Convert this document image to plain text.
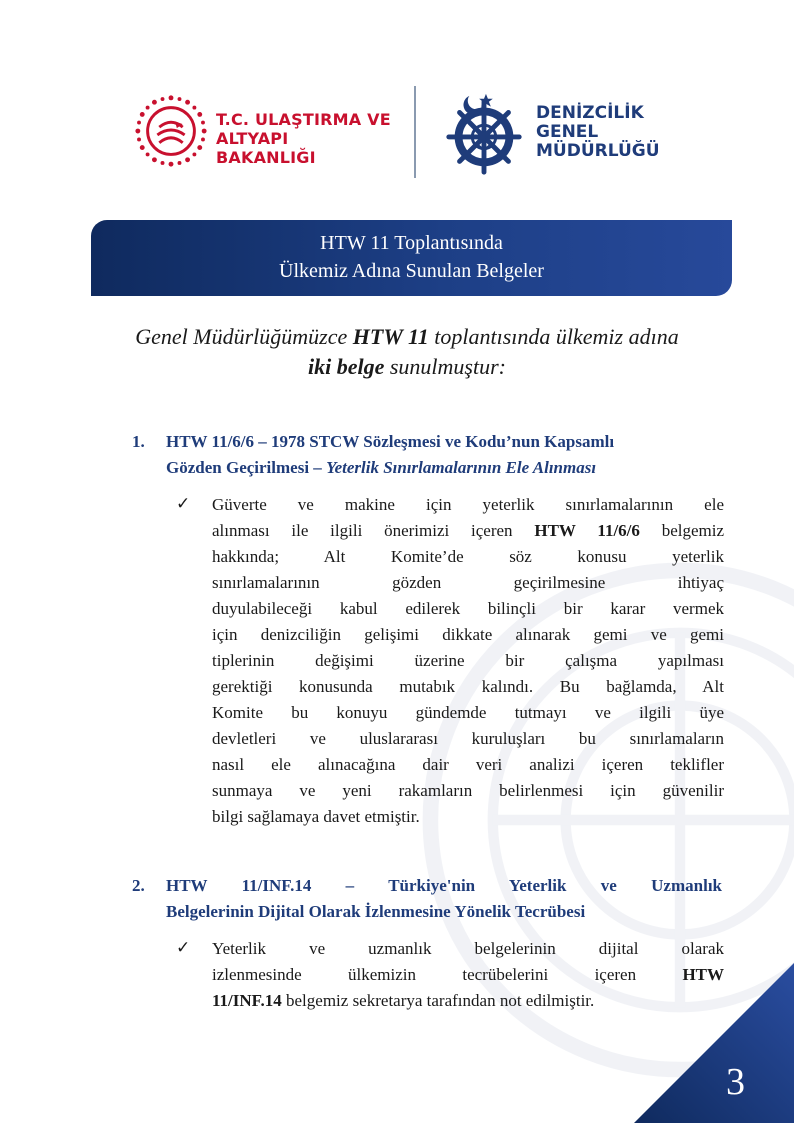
T.C. ULAŞTIRMA VE
ALTYAPI BAKANLIĞI
DENİZCİLİK
GENEL
MÜDÜRLÜĞÜ
HTW 11 Toplantısında
Ülkemiz Adına Sunulan Belgeler
Genel Müdürlüğümüzce HTW 11 toplantısında ülkemiz adına
iki belge sunulmuştur:
1. HTW 11/6/6 – 1978 STCW Sözleşmesi ve Kodu’nun Kapsamlı
Gözden Geçirilmesi – Yeterlik Sınırlamalarının Ele Alınması
✓ Güverte ve makine için yeterlik sınırlamalarının ele
alınması ile ilgili önerimizi içeren HTW 11/6/6 belgemiz
hakkında; Alt Komite’de söz konusu yeterlik
sınırlamalarının gözden geçirilmesine ihtiyaç
duyulabileceği kabul edilerek bilinçli bir karar vermek
için denizciliğin gelişimi dikkate alınarak gemi ve gemi
tiplerinin değişimi üzerine bir çalışma yapılması
gerektiği konusunda mutabık kalındı. Bu bağlamda, Alt
Komite bu konuyu gündemde tutmayı ve ilgili üye
devletleri ve uluslararası kuruluşları bu sınırlamaların
nasıl ele alınacağına dair veri analizi içeren teklifler
sunmaya ve yeni rakamların belirlenmesi için güvenilir
bilgi sağlamaya davet etmiştir.
2. HTW 11/INF.14 – Türkiye'nin Yeterlik ve Uzmanlık
Belgelerinin Dijital Olarak İzlenmesine Yönelik Tecrübesi
✓ Yeterlik ve uzmanlık belgelerinin dijital olarak
izlenmesinde ülkemizin tecrübelerini içeren HTW
11/INF.14 belgemiz sekretarya tarafından not edilmiştir.
3
